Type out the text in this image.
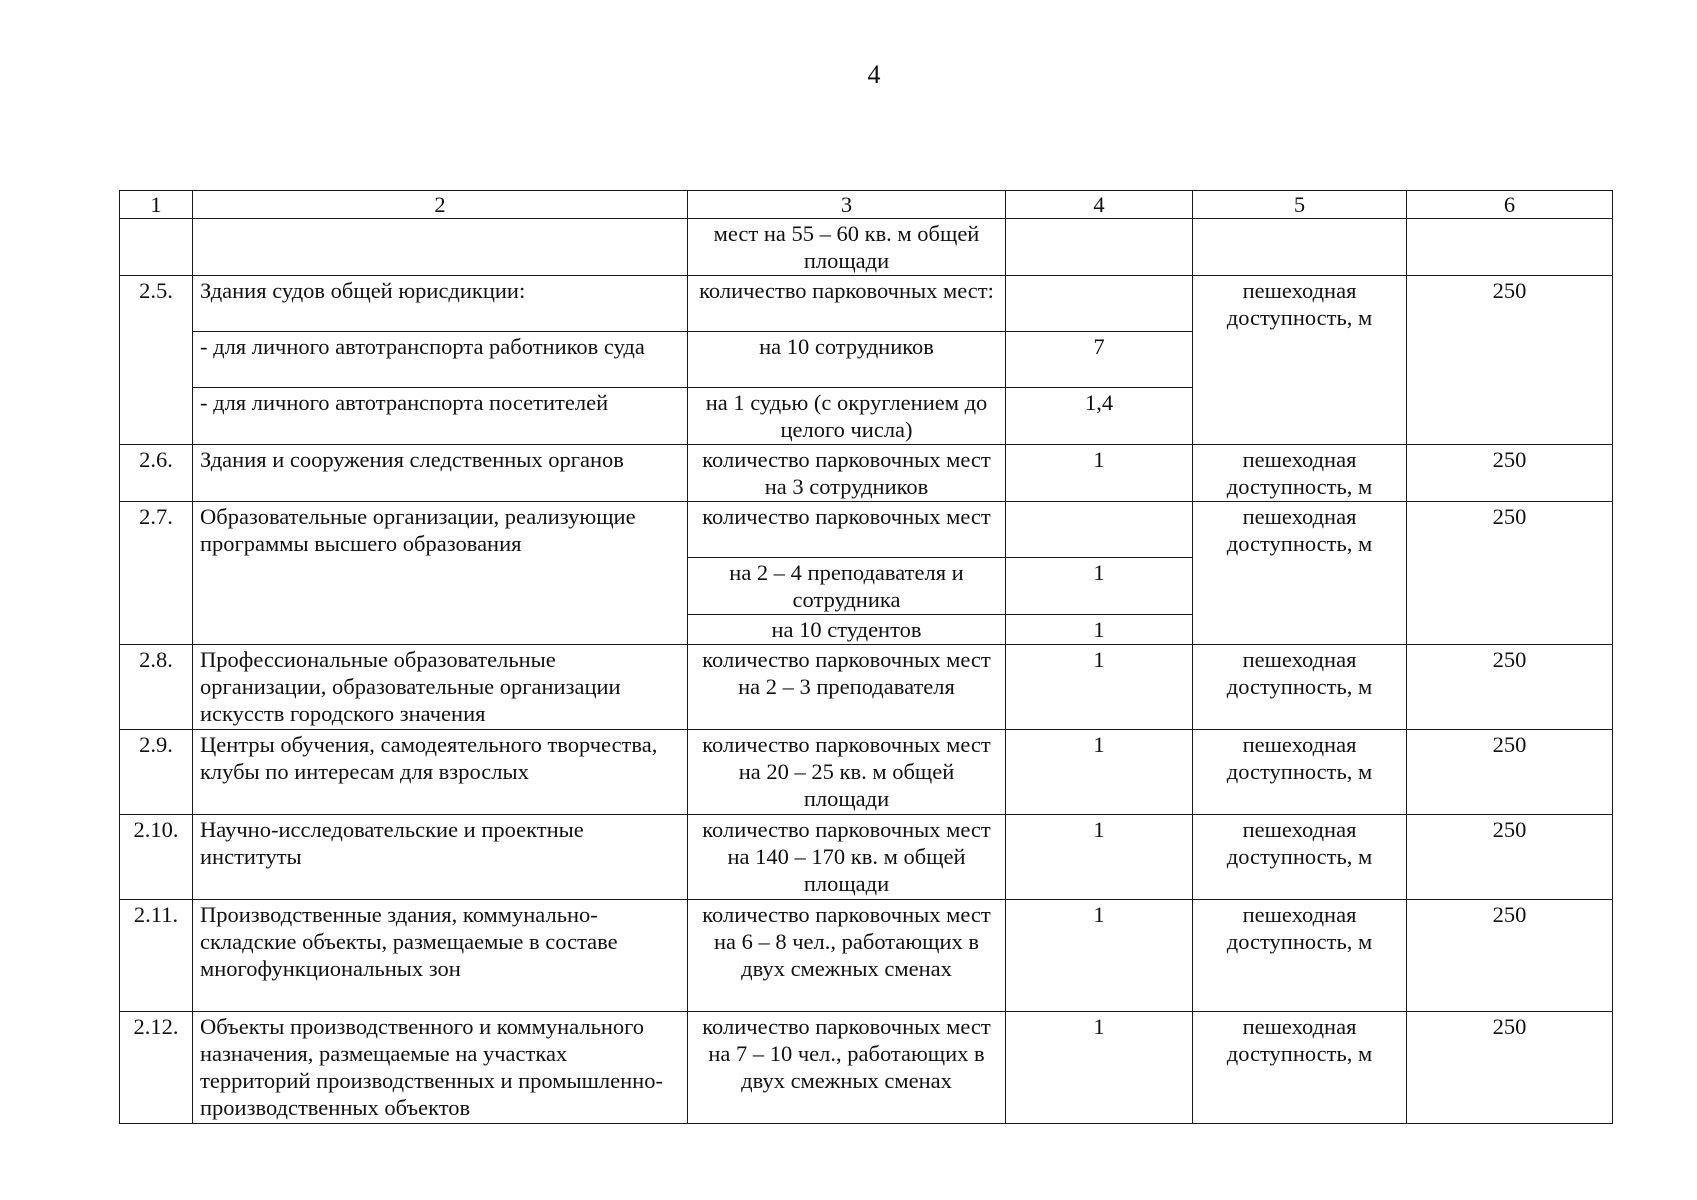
4
1	2	3	4	5	6
		мест на 55 – 60 кв. м общей площади			
2.5.	Здания судов общей юрисдикции:	количество парковочных мест:		пешеходная доступность, м	250
	- для личного автотранспорта работников суда	на 10 сотрудников	7		
	- для личного автотранспорта посетителей	на 1 судью (с округлением до целого числа)	1,4		
2.6.	Здания и сооружения следственных органов	количество парковочных мест на 3 сотрудников	1	пешеходная доступность, м	250
2.7.	Образовательные организации, реализующие программы высшего образования	количество парковочных мест		пешеходная доступность, м	250
		на 2 – 4 преподавателя и сотрудника	1		
		на 10 студентов	1		
2.8.	Профессиональные образовательные организации, образовательные организации искусств городского значения	количество парковочных мест на 2 – 3 преподавателя	1	пешеходная доступность, м	250
2.9.	Центры обучения, самодеятельного творчества, клубы по интересам для взрослых	количество парковочных мест на 20 – 25 кв. м общей площади	1	пешеходная доступность, м	250
2.10.	Научно-исследовательские и проектные институты	количество парковочных мест на 140 – 170 кв. м общей площади	1	пешеходная доступность, м	250
2.11.	Производственные здания, коммунально-складские объекты, размещаемые в составе многофункциональных зон	количество парковочных мест на 6 – 8 чел., работающих в двух смежных сменах	1	пешеходная доступность, м	250
2.12.	Объекты производственного и коммунального назначения, размещаемые на участках территорий производственных и промышленно-производственных объектов	количество парковочных мест на 7 – 10 чел., работающих в двух смежных сменах	1	пешеходная доступность, м	250
